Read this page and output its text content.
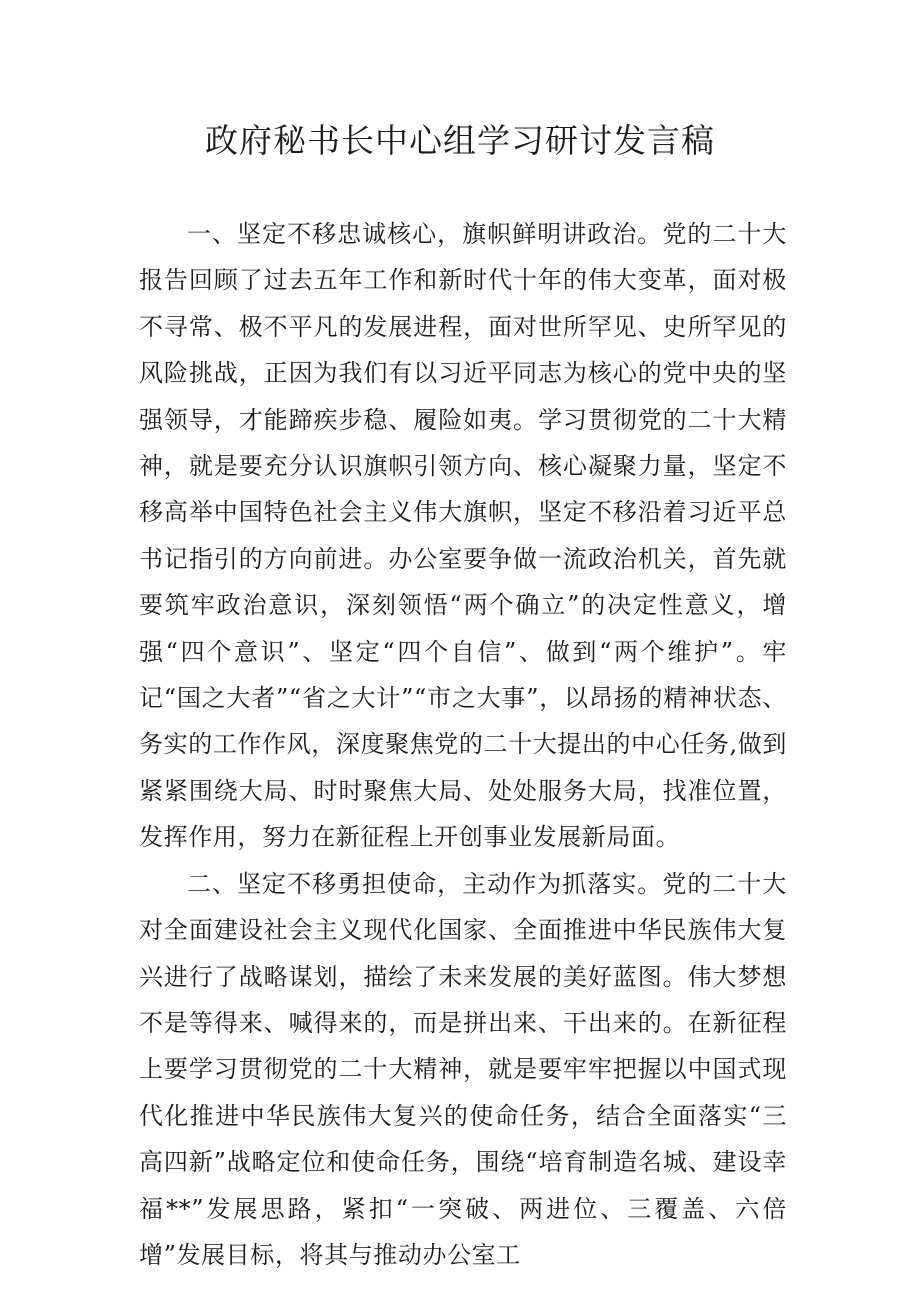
政府秘书长中心组学习研讨发言稿

一、坚定不移忠诚核心，旗帜鲜明讲政治。党的二十大报告回顾了过去五年工作和新时代十年的伟大变革，面对极不寻常、极不平凡的发展进程，面对世所罕见、史所罕见的风险挑战，正因为我们有以习近平同志为核心的党中央的坚强领导，才能蹄疾步稳、履险如夷。学习贯彻党的二十大精神，就是要充分认识旗帜引领方向、核心凝聚力量，坚定不移高举中国特色社会主义伟大旗帜，坚定不移沿着习近平总书记指引的方向前进。办公室要争做一流政治机关，首先就要筑牢政治意识，深刻领悟“两个确立”的决定性意义，增强“四个意识”、坚定“四个自信”、做到“两个维护”。牢记“国之大者”“省之大计”“市之大事”，以昂扬的精神状态、务实的工作作风，深度聚焦党的二十大提出的中心任务,做到紧紧围绕大局、时时聚焦大局、处处服务大局，找准位置，发挥作用，努力在新征程上开创事业发展新局面。

二、坚定不移勇担使命，主动作为抓落实。党的二十大对全面建设社会主义现代化国家、全面推进中华民族伟大复兴进行了战略谋划，描绘了未来发展的美好蓝图。伟大梦想不是等得来、喊得来的，而是拼出来、干出来的。在新征程上要学习贯彻党的二十大精神，就是要牢牢把握以中国式现代化推进中华民族伟大复兴的使命任务，结合全面落实“三高四新”战略定位和使命任务，围绕“培育制造名城、建设幸福**”发展思路，紧扣“一突破、两进位、三覆盖、六倍增”发展目标，将其与推动办公室工
